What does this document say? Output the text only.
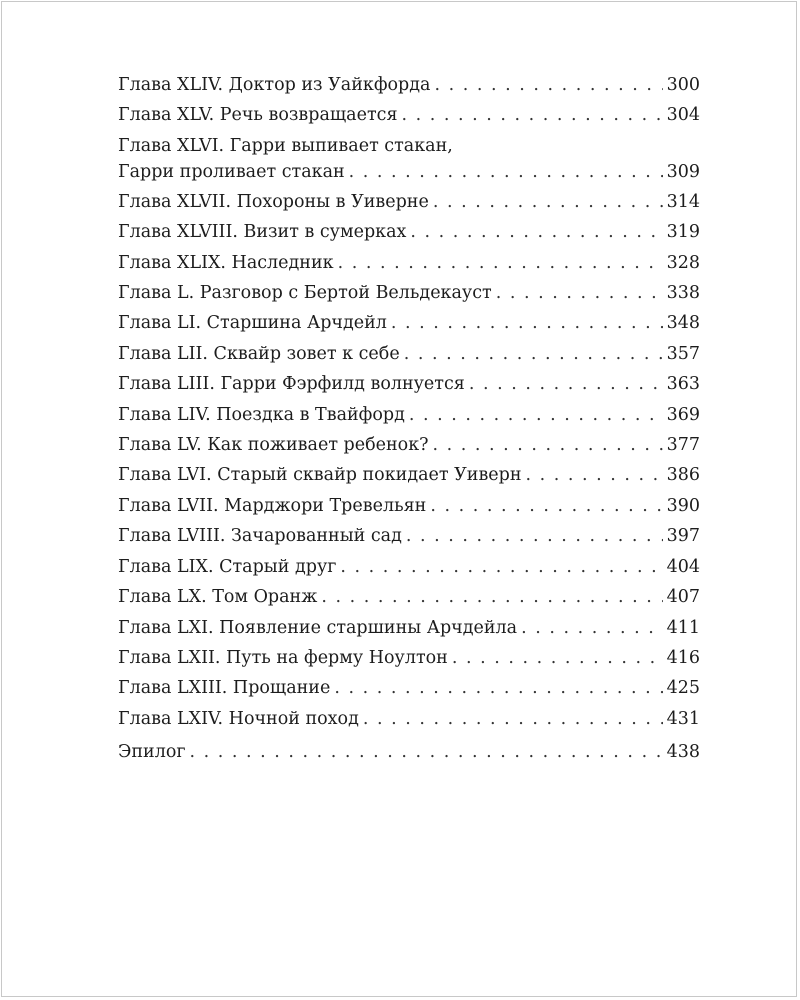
Глава XLIV. Доктор из Уайкфорда . . .	300
Глава XLV. Речь возвращается . . .	304
Глава XLVI. Гарри выпивает стакан,
Гарри проливает стакан . . .	309
Глава XLVII. Похороны в Уиверне . . .	314
Глава XLVIII. Визит в сумерках . . .	319
Глава XLIX. Наследник . . .	328
Глава L. Разговор с Бертой Вельдекауст . . .	338
Глава LI. Старшина Арчдейл . . .	348
Глава LII. Сквайр зовет к себе . . .	357
Глава LIII. Гарри Фэрфилд волнуется . . .	363
Глава LIV. Поездка в Твайфорд . . .	369
Глава LV. Как поживает ребенок? . . .	377
Глава LVI. Старый сквайр покидает Уиверн . . .	386
Глава LVII. Марджори Тревельян . . .	390
Глава LVIII. Зачарованный сад . . .	397
Глава LIX. Старый друг . . .	404
Глава LX. Том Оранж . . .	407
Глава LXI. Появление старшины Арчдейла . . .	411
Глава LXII. Путь на ферму Ноултон . . .	416
Глава LXIII. Прощание . . .	425
Глава LXIV. Ночной поход . . .	431
Эпилог . . .	438
